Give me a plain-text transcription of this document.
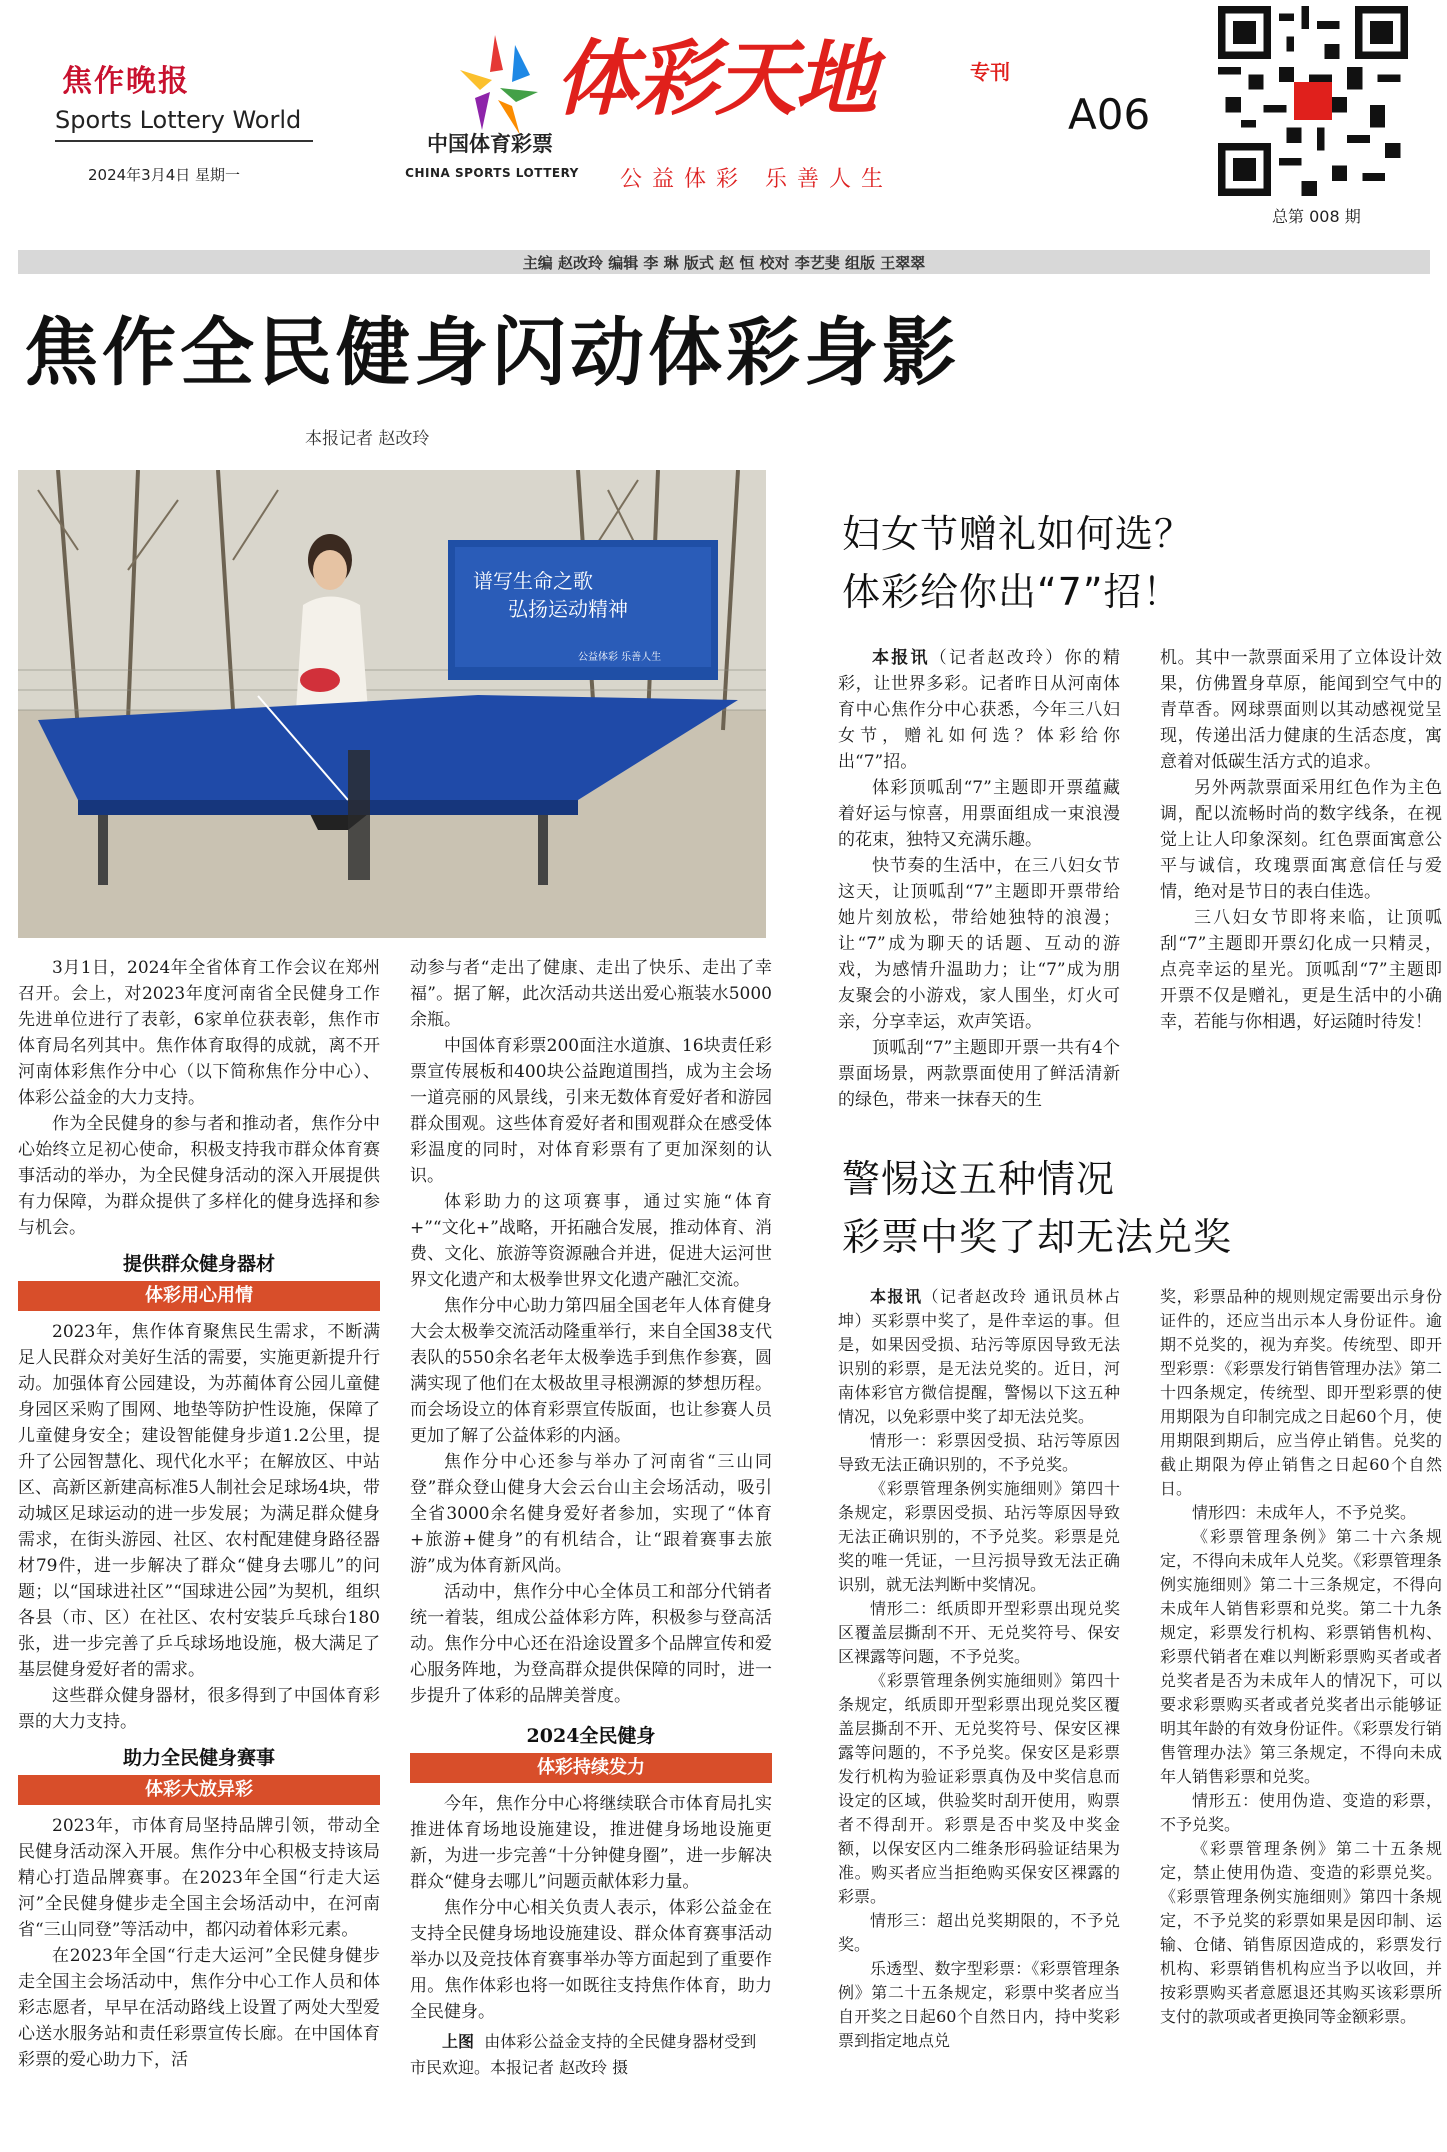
焦作晚报
Sports Lottery World
2024年3月4日 星期一
中国体育彩票
CHINA SPORTS LOTTERY
体彩天地	专刊
公益体彩 乐善人生
A06
总第 008 期
主编 赵改玲 编辑 李 琳 版式 赵 恒 校对 李艺斐 组版 王翠翠
焦作全民健身闪动体彩身影
本报记者 赵改玲
谱写生命之歌
弘扬运动精神
公益体彩 乐善人生

3月1日，2024年全省体育工作会议在郑州召开。会上，对2023年度河南省全民健身工作先进单位进行了表彰，6家单位获表彰，焦作市体育局名列其中。焦作体育取得的成就，离不开河南体彩焦作分中心（以下简称焦作分中心）、体彩公益金的大力支持。

作为全民健身的参与者和推动者，焦作分中心始终立足初心使命，积极支持我市群众体育赛事活动的举办，为全民健身活动的深入开展提供有力保障，为群众提供了多样化的健身选择和参与机会。

提供群众健身器材
体彩用心用情

2023年，焦作体育聚焦民生需求，不断满足人民群众对美好生活的需要，实施更新提升行动。加强体育公园建设，为苏蔺体育公园儿童健身园区采购了围网、地垫等防护性设施，保障了儿童健身安全；建设智能健身步道1.2公里，提升了公园智慧化、现代化水平；在解放区、中站区、高新区新建高标准5人制社会足球场4块，带动城区足球运动的进一步发展；为满足群众健身需求，在街头游园、社区、农村配建健身路径器材79件，进一步解决了群众“健身去哪儿”的问题；以“国球进社区”“国球进公园”为契机，组织各县（市、区）在社区、农村安装乒乓球台180张，进一步完善了乒乓球场地设施，极大满足了基层健身爱好者的需求。

这些群众健身器材，很多得到了中国体育彩票的大力支持。

助力全民健身赛事
体彩大放异彩

2023年，市体育局坚持品牌引领，带动全民健身活动深入开展。焦作分中心积极支持该局精心打造品牌赛事。在2023年全国“行走大运河”全民健身健步走全国主会场活动中，在河南省“三山同登”等活动中，都闪动着体彩元素。

在2023年全国“行走大运河”全民健身健步走全国主会场活动中，焦作分中心工作人员和体彩志愿者，早早在活动路线上设置了两处大型爱心送水服务站和责任彩票宣传长廊。在中国体育彩票的爱心助力下，活

动参与者“走出了健康、走出了快乐、走出了幸福”。据了解，此次活动共送出爱心瓶装水5000余瓶。

中国体育彩票200面注水道旗、16块责任彩票宣传展板和400块公益跑道围挡，成为主会场一道亮丽的风景线，引来无数体育爱好者和游园群众围观。这些体育爱好者和围观群众在感受体彩温度的同时，对体育彩票有了更加深刻的认识。

体彩助力的这项赛事，通过实施“体育+”“文化+”战略，开拓融合发展，推动体育、消费、文化、旅游等资源融合并进，促进大运河世界文化遗产和太极拳世界文化遗产融汇交流。

焦作分中心助力第四届全国老年人体育健身大会太极拳交流活动隆重举行，来自全国38支代表队的550余名老年太极拳选手到焦作参赛，圆满实现了他们在太极故里寻根溯源的梦想历程。而会场设立的体育彩票宣传版面，也让参赛人员更加了解了公益体彩的内涵。

焦作分中心还参与举办了河南省“三山同登”群众登山健身大会云台山主会场活动，吸引全省3000余名健身爱好者参加，实现了“体育+旅游+健身”的有机结合，让“跟着赛事去旅游”成为体育新风尚。

活动中，焦作分中心全体员工和部分代销者统一着装，组成公益体彩方阵，积极参与登高活动。焦作分中心还在沿途设置多个品牌宣传和爱心服务阵地，为登高群众提供保障的同时，进一步提升了体彩的品牌美誉度。

2024全民健身
体彩持续发力

今年，焦作分中心将继续联合市体育局扎实推进体育场地设施建设，推进健身场地设施更新，为进一步完善“十分钟健身圈”，进一步解决群众“健身去哪儿”问题贡献体彩力量。

焦作分中心相关负责人表示，体彩公益金在支持全民健身场地设施建设、群众体育赛事活动举办以及竞技体育赛事举办等方面起到了重要作用。焦作体彩也将一如既往支持焦作体育，助力全民健身。

上图 由体彩公益金支持的全民健身器材受到市民欢迎。本报记者 赵改玲 摄
妇女节赠礼如何选？
体彩给你出“7”招！

本报讯（记者赵改玲）你的精彩，让世界多彩。记者昨日从河南体育中心焦作分中心获悉，今年三八妇女节，赠礼如何选？体彩给你出“7”招。

体彩顶呱刮“7”主题即开票蕴藏着好运与惊喜，用票面组成一束浪漫的花束，独特又充满乐趣。

快节奏的生活中，在三八妇女节这天，让顶呱刮“7”主题即开票带给她片刻放松，带给她独特的浪漫；让“7”成为聊天的话题、互动的游戏，为感情升温助力；让“7”成为朋友聚会的小游戏，家人围坐，灯火可亲，分享幸运，欢声笑语。

顶呱刮“7”主题即开票一共有4个票面场景，两款票面使用了鲜活清新的绿色，带来一抹春天的生

机。其中一款票面采用了立体设计效果，仿佛置身草原，能闻到空气中的青草香。网球票面则以其动感视觉呈现，传递出活力健康的生活态度，寓意着对低碳生活方式的追求。

另外两款票面采用红色作为主色调，配以流畅时尚的数字线条，在视觉上让人印象深刻。红色票面寓意公平与诚信，玫瑰票面寓意信任与爱情，绝对是节日的表白佳选。

三八妇女节即将来临，让顶呱刮“7”主题即开票幻化成一只精灵，点亮幸运的星光。顶呱刮“7”主题即开票不仅是赠礼，更是生活中的小确幸，若能与你相遇，好运随时待发！

警惕这五种情况
彩票中奖了却无法兑奖

本报讯（记者赵改玲 通讯员林占坤）买彩票中奖了，是件幸运的事。但是，如果因受损、玷污等原因导致无法识别的彩票，是无法兑奖的。近日，河南体彩官方微信提醒，警惕以下这五种情况，以免彩票中奖了却无法兑奖。

情形一：彩票因受损、玷污等原因导致无法正确识别的，不予兑奖。

《彩票管理条例实施细则》第四十条规定，彩票因受损、玷污等原因导致无法正确识别的，不予兑奖。彩票是兑奖的唯一凭证，一旦污损导致无法正确识别，就无法判断中奖情况。

情形二：纸质即开型彩票出现兑奖区覆盖层撕刮不开、无兑奖符号、保安区裸露等问题，不予兑奖。

《彩票管理条例实施细则》第四十条规定，纸质即开型彩票出现兑奖区覆盖层撕刮不开、无兑奖符号、保安区裸露等问题的，不予兑奖。保安区是彩票发行机构为验证彩票真伪及中奖信息而设定的区域，供验奖时刮开使用，购票者不得刮开。彩票是否中奖及中奖金额，以保安区内二维条形码验证结果为准。购买者应当拒绝购买保安区裸露的彩票。

情形三：超出兑奖期限的，不予兑奖。

乐透型、数字型彩票：《彩票管理条例》第二十五条规定，彩票中奖者应当自开奖之日起60个自然日内，持中奖彩票到指定地点兑

奖，彩票品种的规则规定需要出示身份证件的，还应当出示本人身份证件。逾期不兑奖的，视为弃奖。传统型、即开型彩票：《彩票发行销售管理办法》第二十四条规定，传统型、即开型彩票的使用期限为自印制完成之日起60个月，使用期限到期后，应当停止销售。兑奖的截止期限为停止销售之日起60个自然日。

情形四：未成年人，不予兑奖。

《彩票管理条例》第二十六条规定，不得向未成年人兑奖。《彩票管理条例实施细则》第二十三条规定，不得向未成年人销售彩票和兑奖。第二十九条规定，彩票发行机构、彩票销售机构、彩票代销者在难以判断彩票购买者或者兑奖者是否为未成年人的情况下，可以要求彩票购买者或者兑奖者出示能够证明其年龄的有效身份证件。《彩票发行销售管理办法》第三条规定，不得向未成年人销售彩票和兑奖。

情形五：使用伪造、变造的彩票，不予兑奖。

《彩票管理条例》第二十五条规定，禁止使用伪造、变造的彩票兑奖。《彩票管理条例实施细则》第四十条规定，不予兑奖的彩票如果是因印制、运输、仓储、销售原因造成的，彩票发行机构、彩票销售机构应当予以收回，并按彩票购买者意愿退还其购买该彩票所支付的款项或者更换同等金额彩票。
